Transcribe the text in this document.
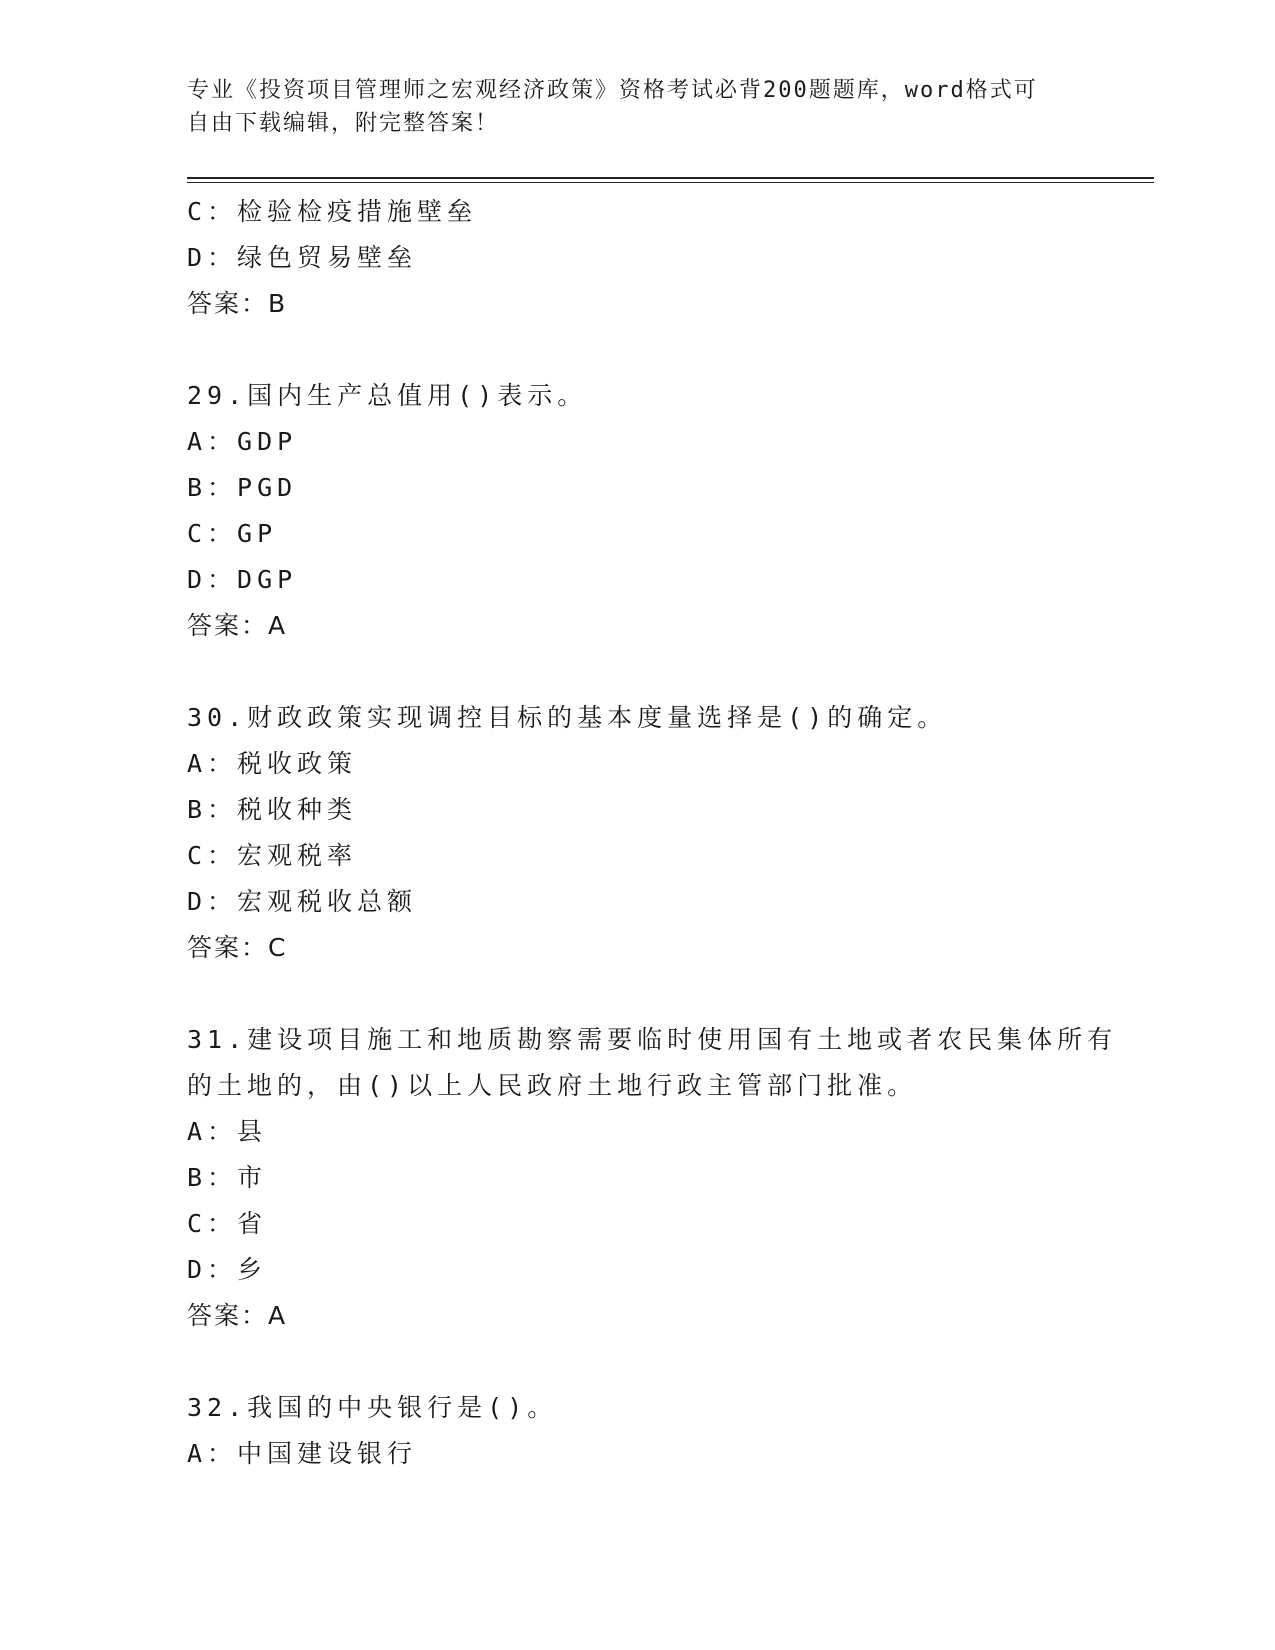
专业《投资项目管理师之宏观经济政策》资格考试必背200题题库，word格式可
自由下载编辑，附完整答案！
C：检验检疫措施壁垒
D：绿色贸易壁垒
答案：B
29.国内生产总值用()表示。
A：GDP
B：PGD
C：GP
D：DGP
答案：A
30.财政政策实现调控目标的基本度量选择是()的确定。
A：税收政策
B：税收种类
C：宏观税率
D：宏观税收总额
答案：C
31.建设项目施工和地质勘察需要临时使用国有土地或者农民集体所有
的土地的，由()以上人民政府土地行政主管部门批准。
A：县
B：市
C：省
D：乡
答案：A
32.我国的中央银行是()。
A：中国建设银行
